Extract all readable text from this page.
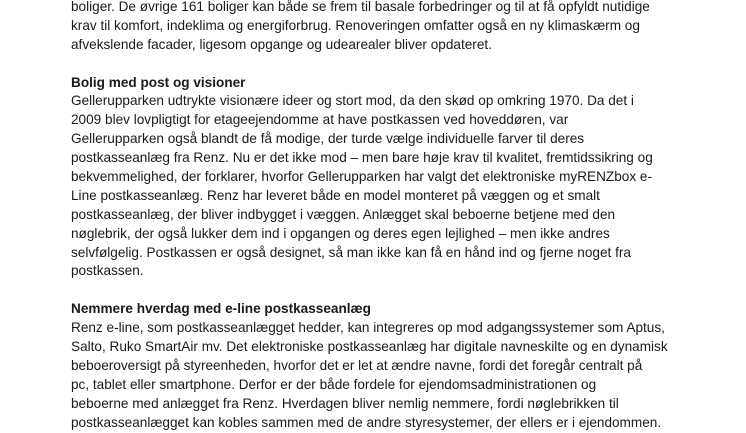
boliger. De øvrige 161 boliger kan både se frem til basale forbedringer og til at få opfyldt nutidige
krav til komfort, indeklima og energiforbrug. Renoveringen omfatter også en ny klimaskærm og
afvekslende facader, ligesom opgange og udearealer bliver opdateret.
Bolig med post og visioner
Gellerupparken udtrykte visionære ideer og stort mod, da den skød op omkring 1970. Da det i
2009 blev lovpligtigt for etageejendomme at have postkassen ved hoveddøren, var
Gellerupparken også blandt de få modige, der turde vælge individuelle farver til deres
postkasseanlæg fra Renz. Nu er det ikke mod – men bare høje krav til kvalitet, fremtidssikring og
bekvemmelighed, der forklarer, hvorfor Gellerupparken har valgt det elektroniske myRENZbox e-
Line postkasseanlæg. Renz har leveret både en model monteret på væggen og et smalt
postkasseanlæg, der bliver indbygget i væggen. Anlægget skal beboerne betjene med den
nøglebrik, der også lukker dem ind i opgangen og deres egen lejlighed – men ikke andres
selvfølgelig. Postkassen er også designet, så man ikke kan få en hånd ind og fjerne noget fra
postkassen.
Nemmere hverdag med e-line postkasseanlæg
Renz e-line, som postkasseanlægget hedder, kan integreres op mod adgangssystemer som Aptus,
Salto, Ruko SmartAir mv. Det elektroniske postkasseanlæg har digitale navneskilte og en dynamisk
beboeroversigt på styreenheden, hvorfor det er let at ændre navne, fordi det foregår centralt på
pc, tablet eller smartphone. Derfor er der både fordele for ejendomsadministrationen og
beboerne med anlægget fra Renz. Hverdagen bliver nemlig nemmere, fordi nøglebrikken til
postkasseanlægget kan kobles sammen med de andre styresystemer, der ellers er i ejendommen.
